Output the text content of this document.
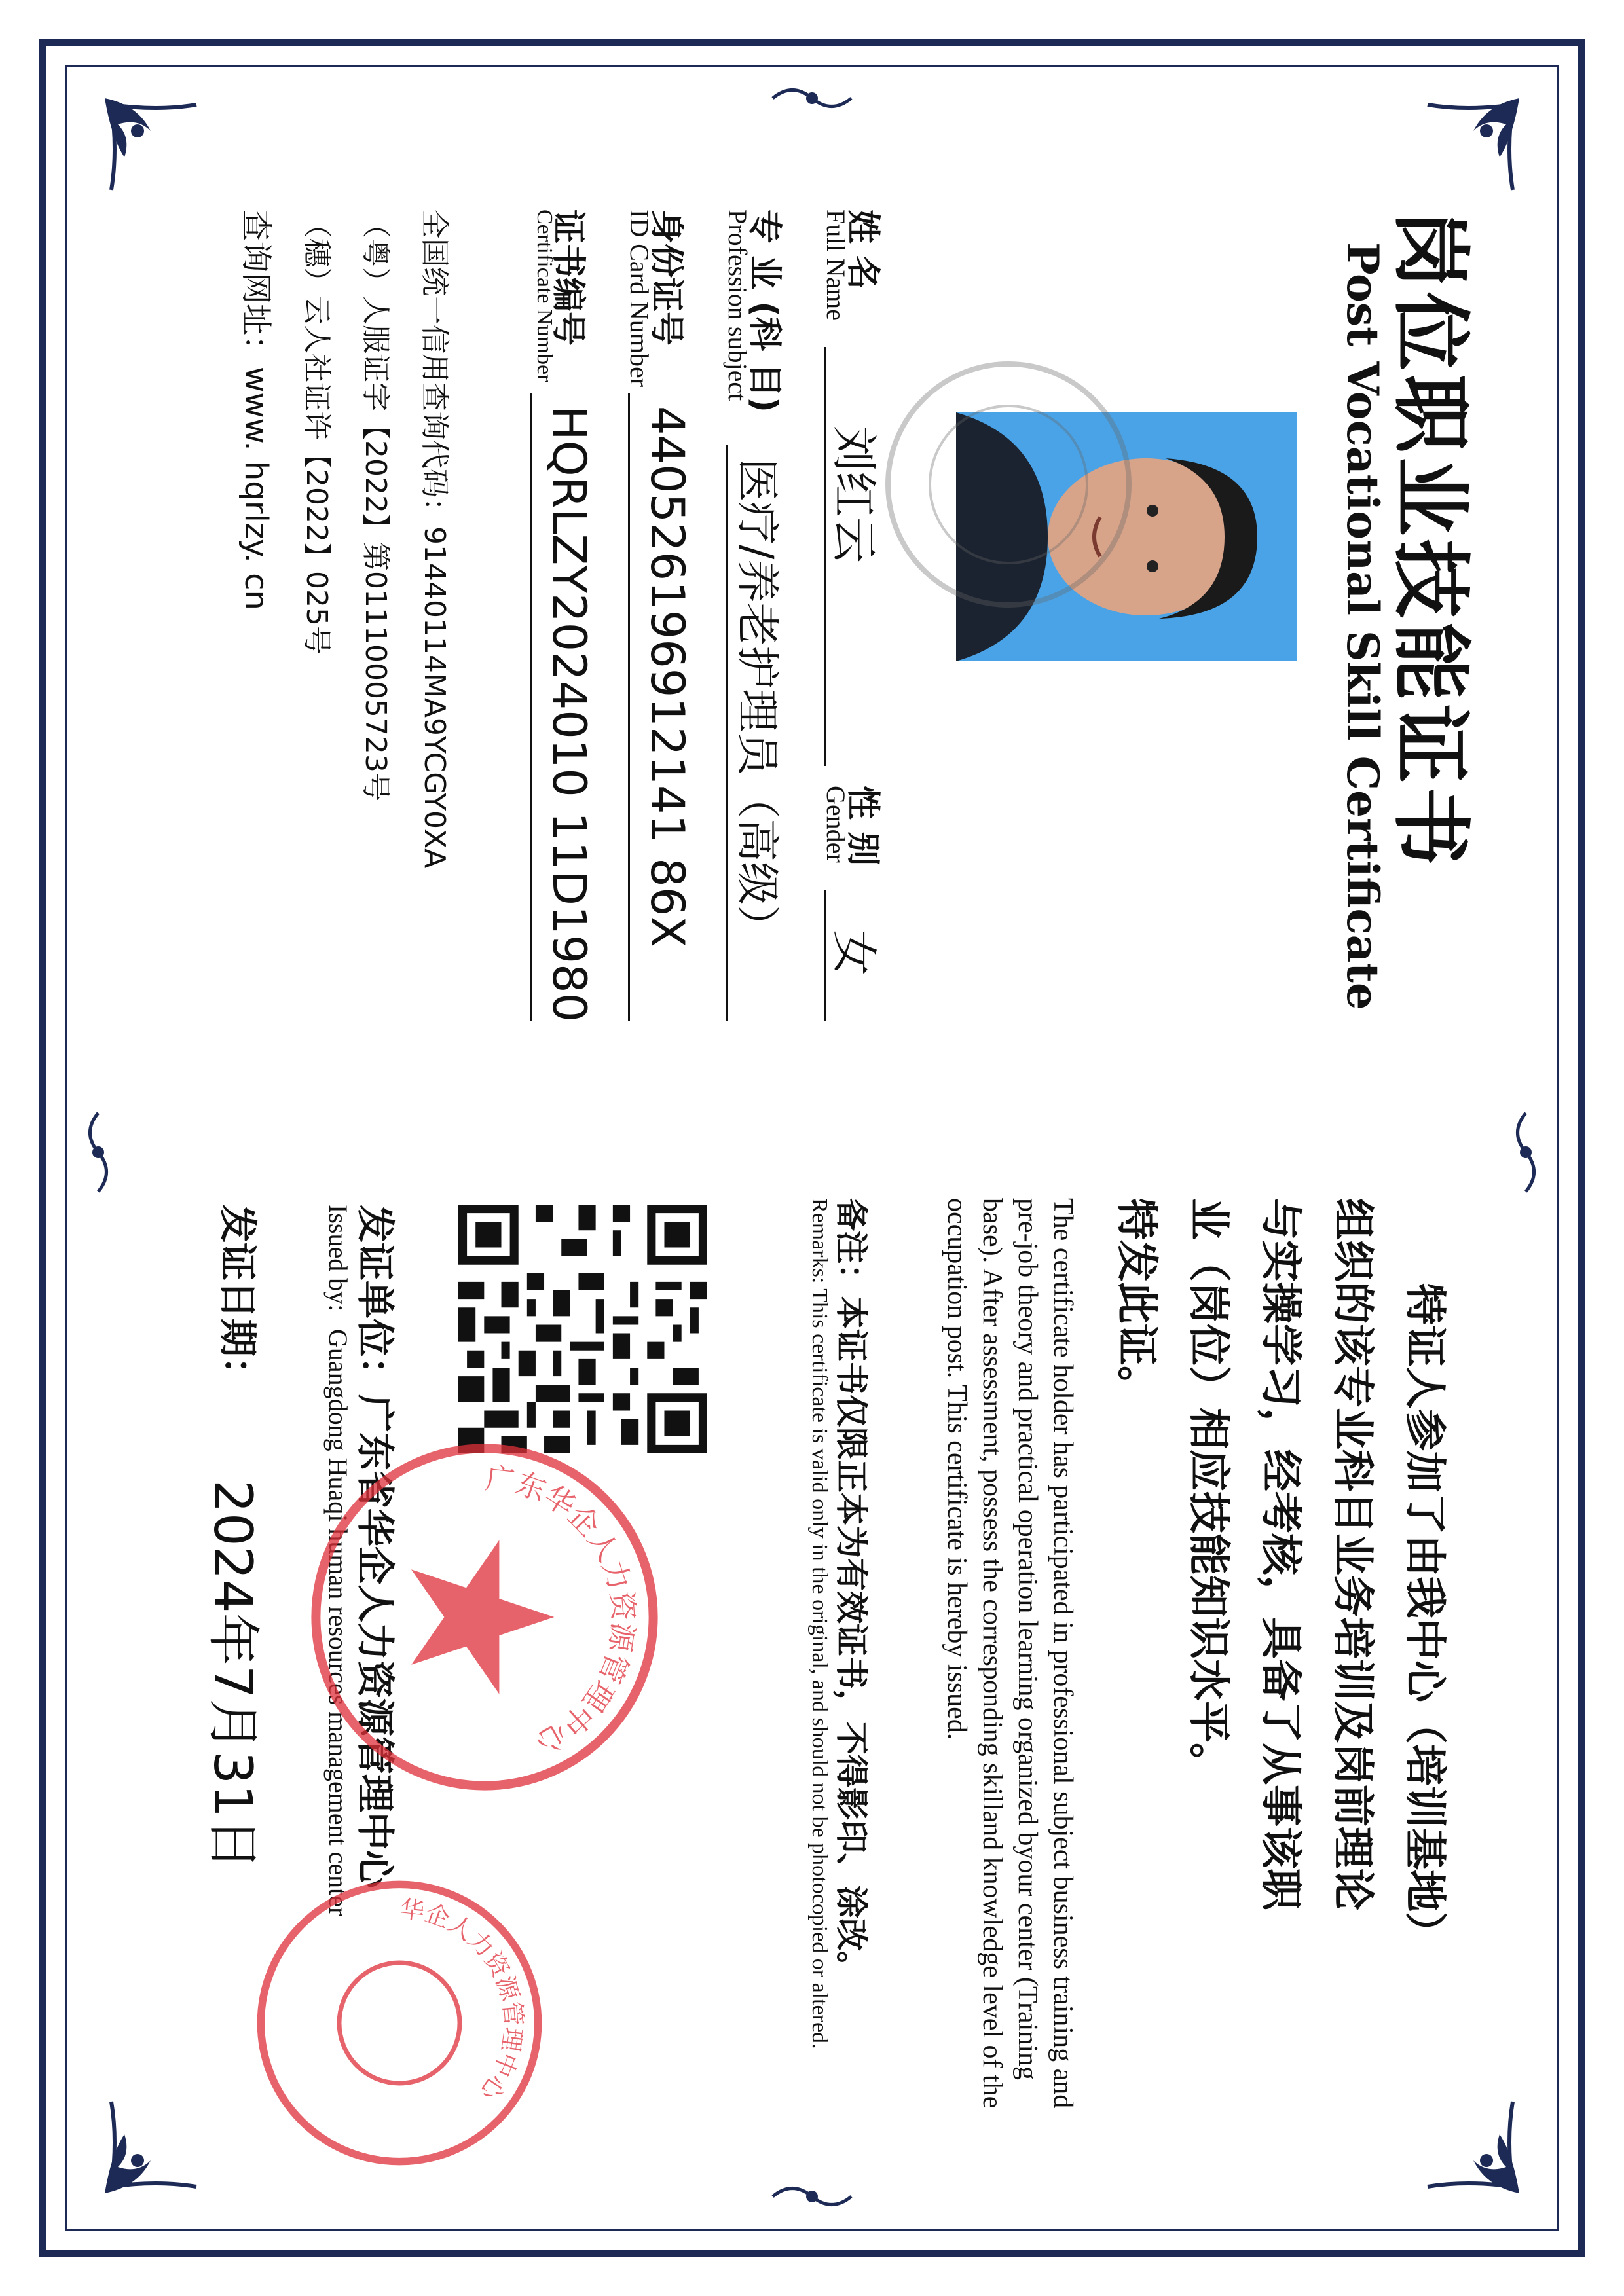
岗位职业技能证书
Post Vocational Skill Certificate
姓 名
Full Name
刘红云
性 别
Gender
女
专 业 (科 目)
Profession subject
医疗/养老护理员（高级）
身份证号
ID Card Number
440526196912141 86X
证书编号
Certificate Number
HQRLZY2024010 11D1980
全国统一信用查询代码：91440114MA9YCGY0XA
（粤）人服证字【2022】第01110005723号
（穗）云人社证许【2022】025号
查询网址：www. hqrlzy. cn
特证人参加了由我中心（培训基地）
组织的该专业科目业务培训及岗前理论
与实操学习，经考核，具备了从事该职
业（岗位）相应技能知识水平。
特发此证。
The certificate holder has participated in professional subject business training and pre-job theory and practical operation learning organized byour center (Training base). After assessment, possess the corresponding skilland knowledge level of the occupation post. This certificate is hereby issued.
备注：本证书仅限正本为有效证书，不得影印、涂改。
Remarks: This certificate is valid only in the original, and should not be photocopied or altered.
发证单位：
广东省华企人力资源管理中心
Issued by:
Guangdong Huaqi human resources management center
发证日期：
2024年7月31日
广东华企人力资源管理中心
华企人力资源管理中心
